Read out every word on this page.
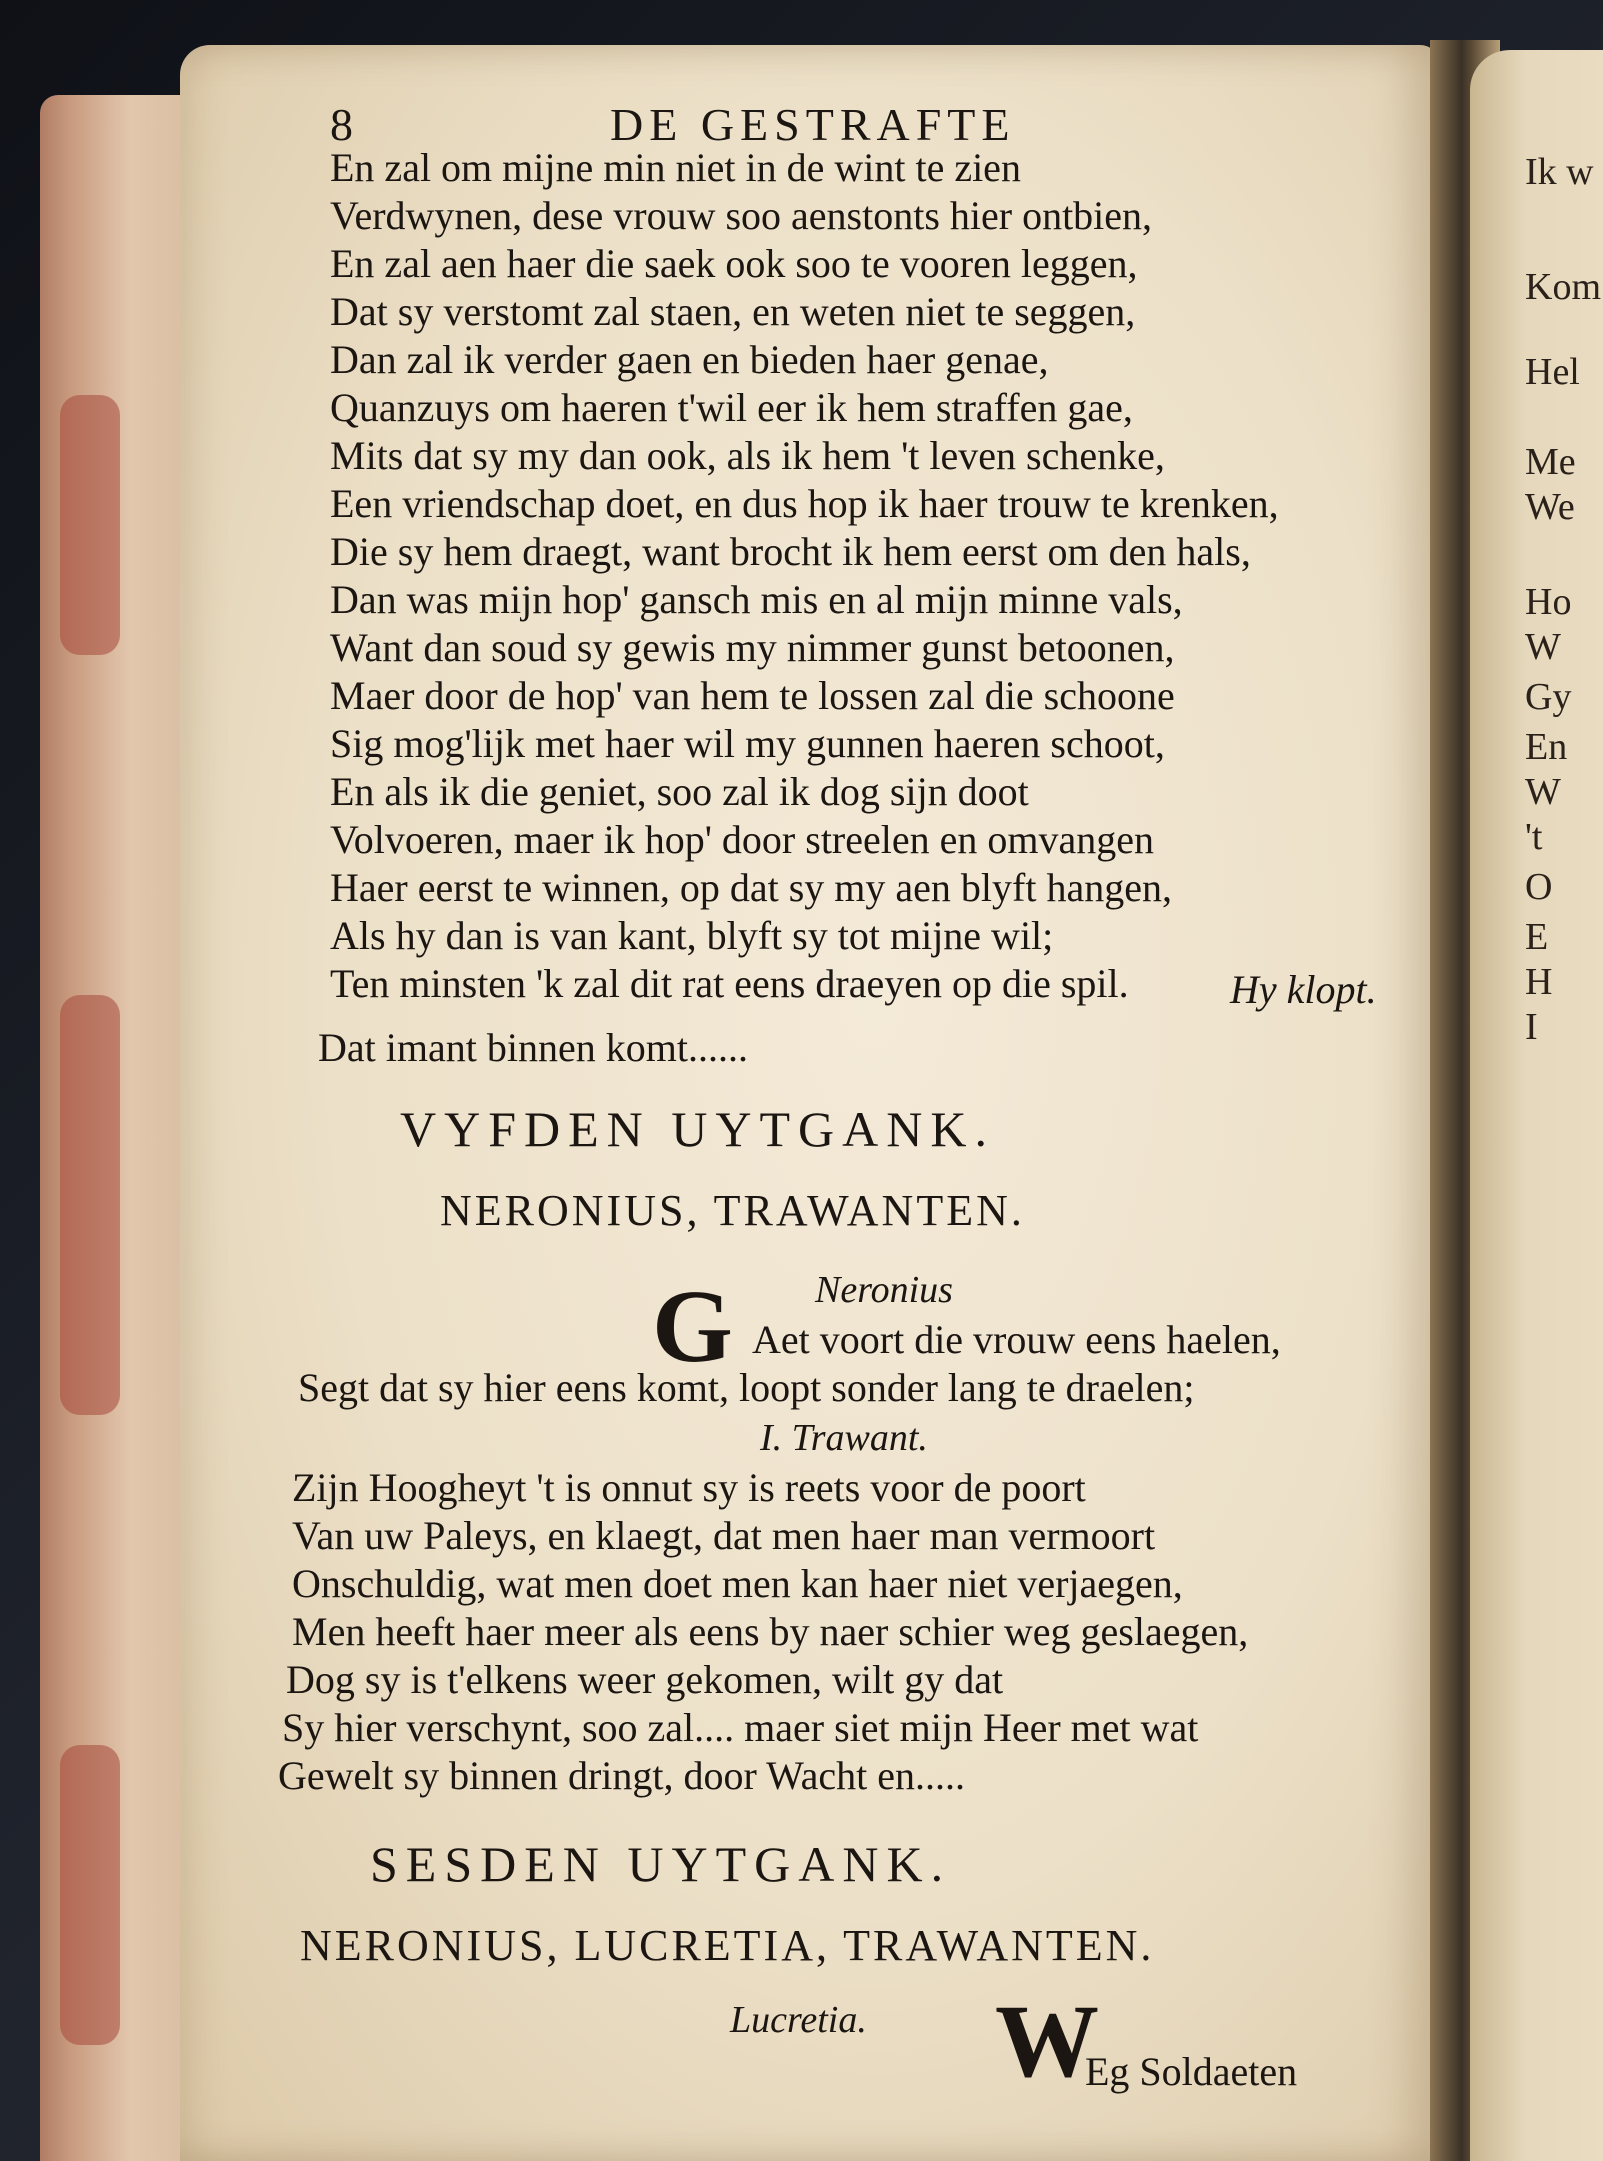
Ik w
Kom
Hel
Me
We
Ho
W
Gy
En
W
't
O
E
H
I
8	DE GESTRAFTE
En zal om mijne min niet in de wint te zien
Verdwynen, dese vrouw soo aenstonts hier ontbien,
En zal aen haer die saek ook soo te vooren leggen,
Dat sy verstomt zal staen, en weten niet te seggen,
Dan zal ik verder gaen en bieden haer genae,
Quanzuys om haeren t'wil eer ik hem straffen gae,
Mits dat sy my dan ook, als ik hem 't leven schenke,
Een vriendschap doet, en dus hop ik haer trouw te krenken,
Die sy hem draegt, want brocht ik hem eerst om den hals,
Dan was mijn hop' gansch mis en al mijn minne vals,
Want dan soud sy gewis my nimmer gunst betoonen,
Maer door de hop' van hem te lossen zal die schoone
Sig mog'lijk met haer wil my gunnen haeren schoot,
En als ik die geniet, soo zal ik dog sijn doot
Volvoeren, maer ik hop' door streelen en omvangen
Haer eerst te winnen, op dat sy my aen blyft hangen,
Als hy dan is van kant, blyft sy tot mijne wil;
Ten minsten 'k zal dit rat eens draeyen op die spil.	Hy klopt.
Dat imant binnen komt......
VYFDEN UYTGANK.
NERONIUS, TRAWANTEN.
Neronius
G Aet voort die vrouw eens haelen,
Segt dat sy hier eens komt, loopt sonder lang te draelen;
I. Trawant.
Zijn Hoogheyt 't is onnut sy is reets voor de poort
Van uw Paleys, en klaegt, dat men haer man vermoort
Onschuldig, wat men doet men kan haer niet verjaegen,
Men heeft haer meer als eens by naer schier weg geslaegen,
Dog sy is t'elkens weer gekomen, wilt gy dat
Sy hier verschynt, soo zal.... maer siet mijn Heer met wat
Gewelt sy binnen dringt, door Wacht en.....
SESDEN UYTGANK.
NERONIUS, LUCRETIA, TRAWANTEN.
Lucretia. W
Eg Soldaeten
